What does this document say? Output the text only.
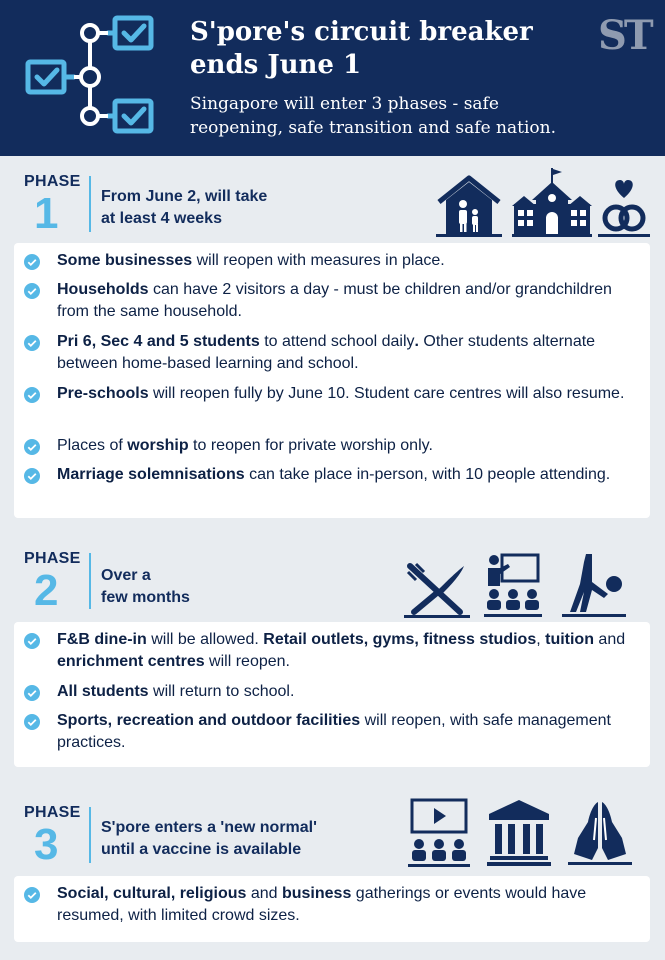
S'pore's circuit breaker
ends June 1
Singapore will enter 3 phases - safe reopening, safe transition and safe nation.
ST
PHASE
1	From June 2, will take
at least 4 weeks
Some businesses will reopen with measures in place.
Households can have 2 visitors a day - must be children and/or grandchildren from the same household.
Pri 6, Sec 4 and 5 students to attend school daily. Other students alternate between home-based learning and school.
Pre-schools will reopen fully by June 10. Student care centres will also resume.
Places of worship to reopen for private worship only.
Marriage solemnisations can take place in-person, with 10 people attending.
PHASE
2	Over a
few months
F&B dine-in will be allowed. Retail outlets, gyms, fitness studios, tuition and enrichment centres will reopen.
All students will return to school.
Sports, recreation and outdoor facilities will reopen, with safe management practices.
PHASE
3	S'pore enters a 'new normal'
until a vaccine is available
Social, cultural, religious and business gatherings or events would have resumed, with limited crowd sizes.
